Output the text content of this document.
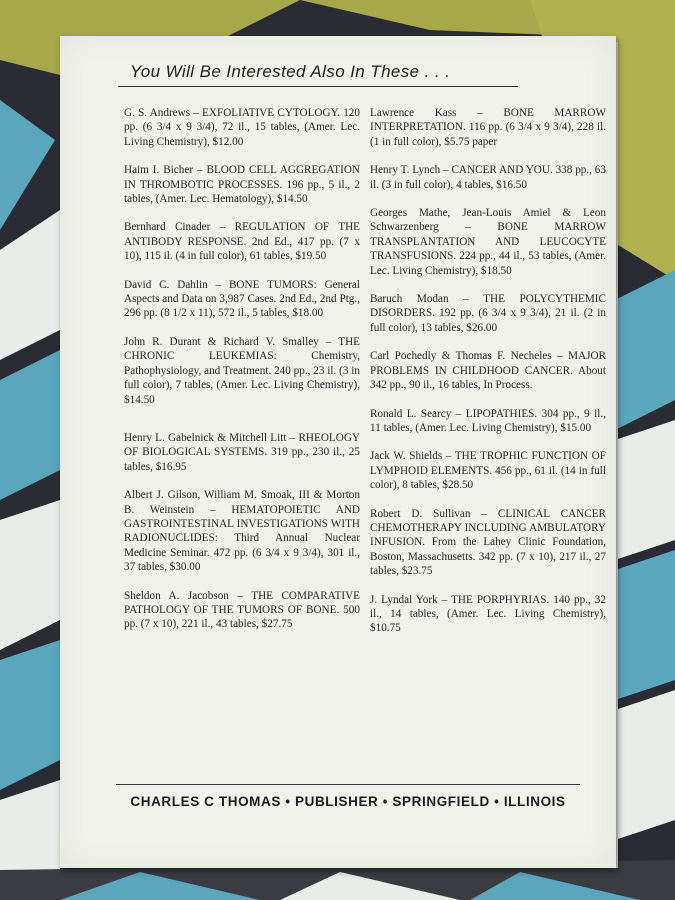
You Will Be Interested Also In These . . .
G. S. Andrews – EXFOLIATIVE CYTOLOGY. 120 pp. (6 3/4 x 9 3/4), 72 il., 15 tables, (Amer. Lec. Living Chemistry), $12.00
Haim I. Bicher – BLOOD CELL AGGREGATION IN THROMBOTIC PROCESSES. 196 pp., 5 il., 2 tables, (Amer. Lec. Hematology), $14.50
Bernhard Cinader – REGULATION OF THE ANTIBODY RESPONSE. 2nd Ed., 417 pp. (7 x 10), 115 il. (4 in full color), 61 tables, $19.50
David C. Dahlin – BONE TUMORS: General Aspects and Data on 3,987 Cases. 2nd Ed., 2nd Ptg., 296 pp. (8 1/2 x 11), 572 il., 5 tables, $18.00
John R. Durant & Richard V. Smalley – THE CHRONIC LEUKEMIAS: Chemistry, Pathophysiology, and Treatment. 240 pp., 23 il. (3 in full color), 7 tables, (Amer. Lec. Living Chemistry), $14.50
Henry L. Gabelnick & Mitchell Litt – RHEOLOGY OF BIOLOGICAL SYSTEMS. 319 pp., 230 il., 25 tables, $16.95
Albert J. Gilson, William M. Smoak, III & Morton B. Weinstein – HEMATOPOIETIC AND GASTROINTESTINAL INVESTIGATIONS WITH RADIONUCLIDES: Third Annual Nuclear Medicine Seminar. 472 pp. (6 3/4 x 9 3/4), 301 il., 37 tables, $30.00
Sheldon A. Jacobson – THE COMPARATIVE PATHOLOGY OF THE TUMORS OF BONE. 500 pp. (7 x 10), 221 il., 43 tables, $27.75
Lawrence Kass – BONE MARROW INTERPRETATION. 116 pp. (6 3/4 x 9 3/4), 228 il. (1 in full color), $5.75 paper
Henry T. Lynch – CANCER AND YOU. 338 pp., 63 il. (3 in full color), 4 tables, $16.50
Georges Mathe, Jean-Louis Amiel & Leon Schwarzenberg – BONE MARROW TRANSPLANTATION AND LEUCOCYTE TRANSFUSIONS. 224 pp., 44 il., 53 tables, (Amer. Lec. Living Chemistry), $18.50
Baruch Modan – THE POLYCYTHEMIC DISORDERS. 192 pp. (6 3/4 x 9 3/4), 21 il. (2 in full color), 13 tables, $26.00
Carl Pochedly & Thomas F. Necheles – MAJOR PROBLEMS IN CHILDHOOD CANCER. About 342 pp., 90 il., 16 tables, In Process.
Ronald L. Searcy – LIPOPATHIES. 304 pp., 9 il., 11 tables, (Amer. Lec. Living Chemistry), $15.00
Jack W. Shields – THE TROPHIC FUNCTION OF LYMPHOID ELEMENTS. 456 pp., 61 il. (14 in full color), 8 tables, $28.50
Robert D. Sullivan – CLINICAL CANCER CHEMOTHERAPY INCLUDING AMBULATORY INFUSION. From the Lahey Clinic Foundation, Boston, Massachusetts. 342 pp. (7 x 10), 217 il., 27 tables, $23.75
J. Lyndal York – THE PORPHYRIAS. 140 pp., 32 il., 14 tables, (Amer. Lec. Living Chemistry), $10.75
CHARLES C THOMAS • PUBLISHER • SPRINGFIELD • ILLINOIS
